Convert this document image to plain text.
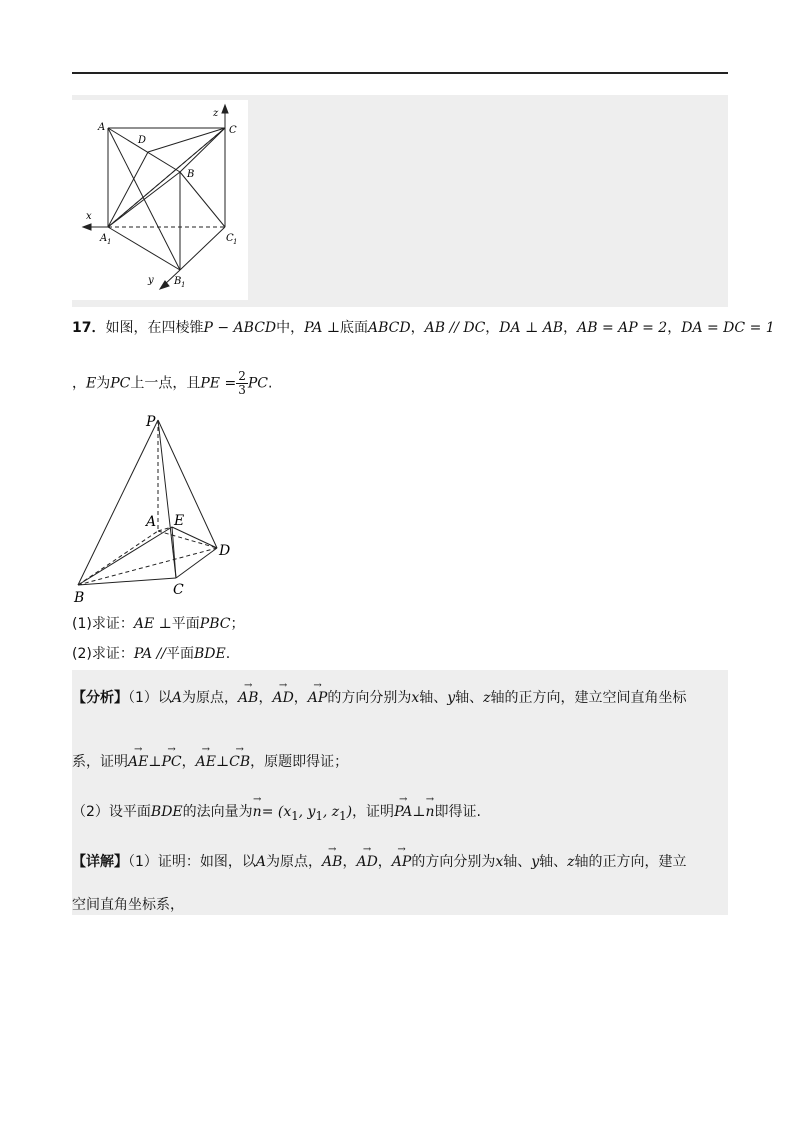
A
D
C
B
z
x
A 1	C 1
B 1
y
17．如图，在四棱锥P − ABCD中，PA ⊥底面ABCD，AB // DC，DA ⊥ AB，AB = AP = 2，DA = DC = 1
，E为PC上一点，且PE = $\frac{2}{3}$ PC.
P
A E
D
C
B
(1)求证：AE ⊥平面PBC；
(2)求证：PA //平面BDE.
【分析】（1）以A为原点，→ AB，→ AD，→ AP的方向分别为x轴、y轴、z轴的正方向，建立空间直角坐标
系，证明→ AE⊥→ PC，→ AE⊥→ CB，原题即得证；
（2）设平面BDE的法向量为→ $n= (x_1$, $y_1$, $z_1$)，证明→ PA⊥→ n即得证.
【详解】（1）证明：如图，以A为原点，→ AB，→ AD，→ AP的方向分别为x轴、y轴、z轴的正方向，建立
空间直角坐标系，
